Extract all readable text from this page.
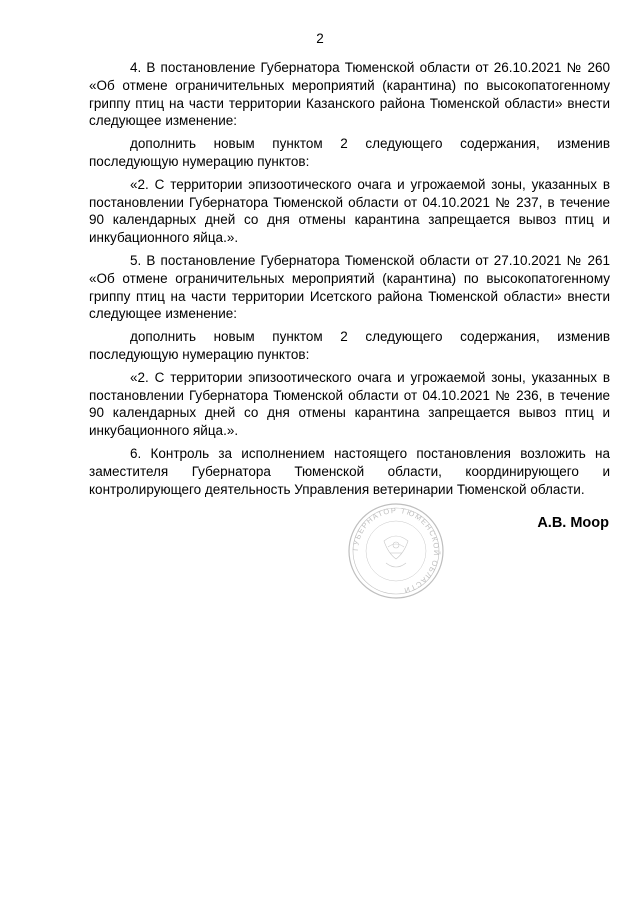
2

4. В постановление Губернатора Тюменской области от 26.10.2021 № 260 «Об отмене ограничительных мероприятий (карантина) по высокопатогенному гриппу птиц на части территории Казанского района Тюменской области» внести следующее изменение:

дополнить новым пунктом 2 следующего содержания, изменив последующую нумерацию пунктов:

«2. С территории эпизоотического очага и угрожаемой зоны, указанных в постановлении Губернатора Тюменской области от 04.10.2021 № 237, в течение 90 календарных дней со дня отмены карантина запрещается вывоз птиц и инкубационного яйца.».

5. В постановление Губернатора Тюменской области от 27.10.2021 № 261 «Об отмене ограничительных мероприятий (карантина) по высокопатогенному гриппу птиц на части территории Исетского района Тюменской области» внести следующее изменение:

дополнить новым пунктом 2 следующего содержания, изменив последующую нумерацию пунктов:

«2. С территории эпизоотического очага и угрожаемой зоны, указанных в постановлении Губернатора Тюменской области от 04.10.2021 № 236, в течение 90 календарных дней со дня отмены карантина запрещается вывоз птиц и инкубационного яйца.».

6. Контроль за исполнением настоящего постановления возложить на заместителя Губернатора Тюменской области, координирующего и контролирующего деятельность Управления ветеринарии Тюменской области.

ГУБЕРНАТОР ТЮМЕНСКОЙ ОБЛАСТИ
А.В. Моор
